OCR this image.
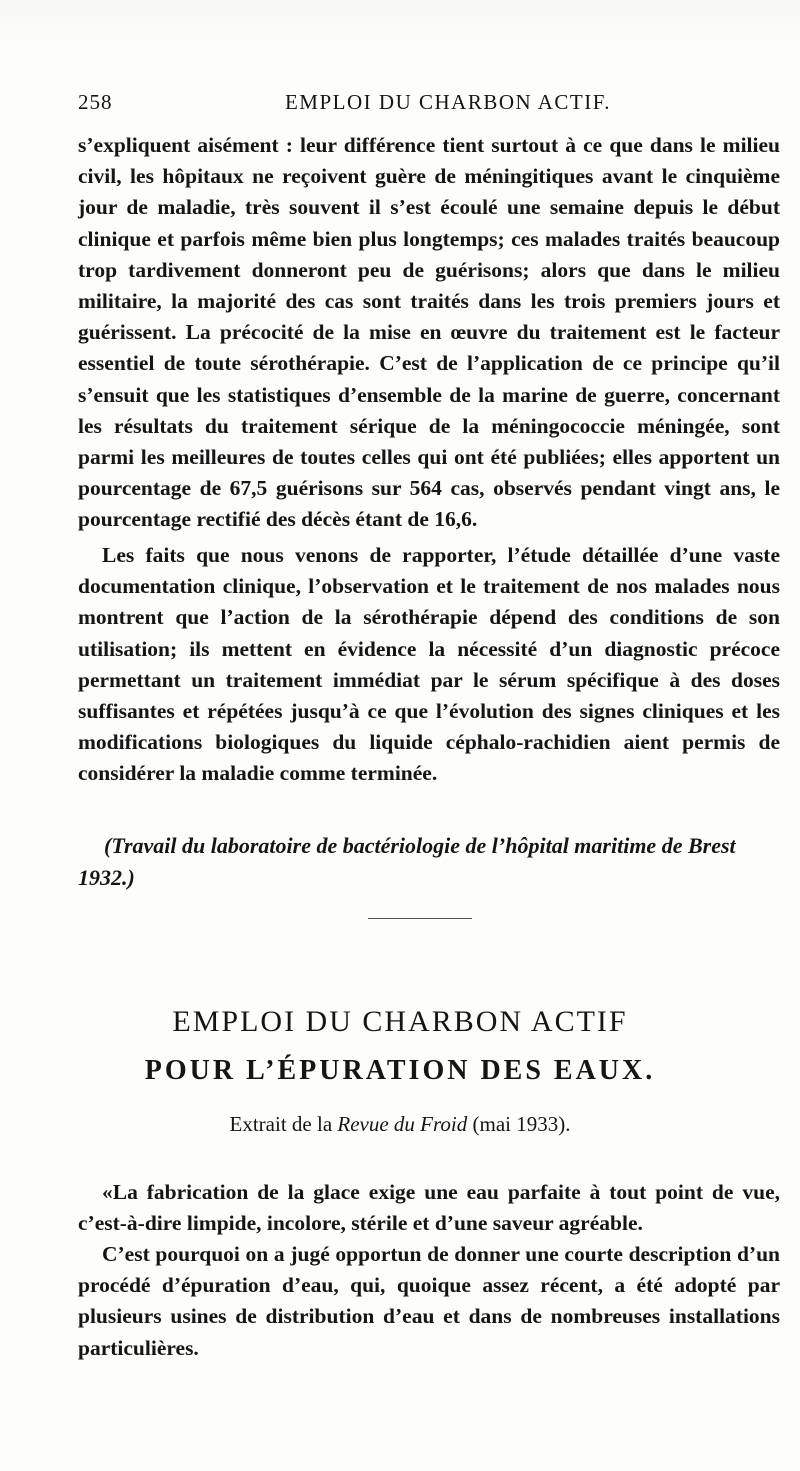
258	EMPLOI DU CHARBON ACTIF.

s’expliquent aisément : leur différence tient surtout à ce que dans le milieu civil, les hôpitaux ne reçoivent guère de méningitiques avant le cinquième jour de maladie, très souvent il s’est écoulé une semaine depuis le début clinique et parfois même bien plus longtemps; ces malades traités beaucoup trop tardivement donneront peu de guérisons; alors que dans le milieu militaire, la majorité des cas sont traités dans les trois premiers jours et guérissent. La précocité de la mise en œuvre du traitement est le facteur essentiel de toute sérothérapie. C’est de l’application de ce principe qu’il s’ensuit que les statistiques d’ensemble de la marine de guerre, concernant les résultats du traitement sérique de la méningococcie méningée, sont parmi les meilleures de toutes celles qui ont été publiées; elles apportent un pourcentage de 67,5 guérisons sur 564 cas, observés pendant vingt ans, le pourcentage rectifié des décès étant de 16,6.

Les faits que nous venons de rapporter, l’étude détaillée d’une vaste documentation clinique, l’observation et le traitement de nos malades nous montrent que l’action de la sérothérapie dépend des conditions de son utilisation; ils mettent en évidence la nécessité d’un diagnostic précoce permettant un traitement immédiat par le sérum spécifique à des doses suffisantes et répétées jusqu’à ce que l’évolution des signes cliniques et les modifications biologiques du liquide céphalo-rachidien aient permis de considérer la maladie comme terminée.

(Travail du laboratoire de bactériologie de l’hôpital maritime de Brest
1932.)
EMPLOI DU CHARBON ACTIF
POUR L’ÉPURATION DES EAUX.
Extrait de la Revue du Froid (mai 1933).

«La fabrication de la glace exige une eau parfaite à tout point de vue, c’est-à-dire limpide, incolore, stérile et d’une saveur agréable.

C’est pourquoi on a jugé opportun de donner une courte description d’un procédé d’épuration d’eau, qui, quoique assez récent, a été adopté par plusieurs usines de distribution d’eau et dans de nombreuses installations particulières.
